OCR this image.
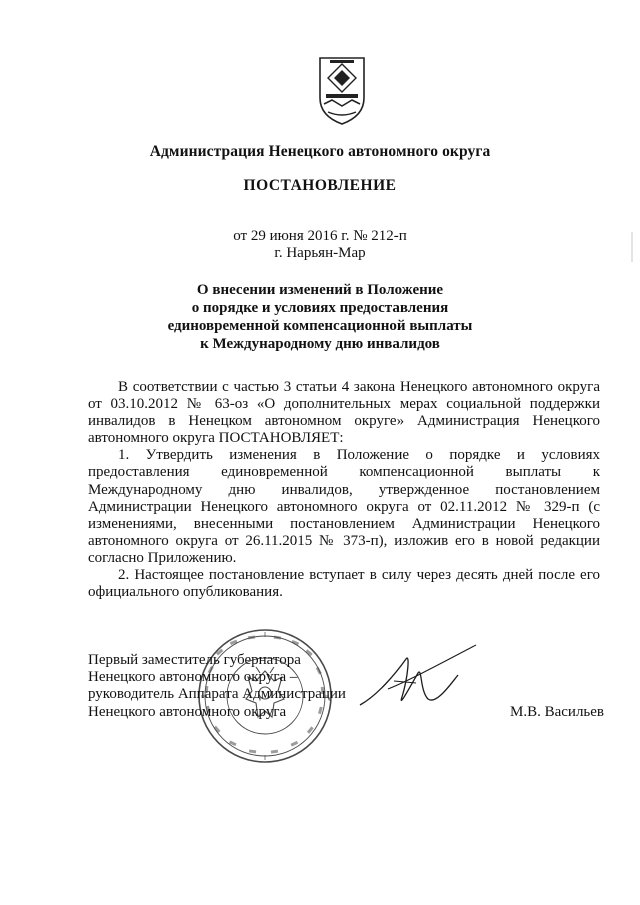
Администрация Ненецкого автономного округа
ПОСТАНОВЛЕНИЕ
от 29 июня 2016 г. № 212-п
г. Нарьян-Мар
О внесении изменений в Положение
о порядке и условиях предоставления
единовременной компенсационной выплаты
к Международному дню инвалидов

В соответствии с частью 3 статьи 4 закона Ненецкого автономного округа от 03.10.2012 № 63-оз «О дополнительных мерах социальной поддержки инвалидов в Ненецком автономном округе» Администрация Ненецкого автономного округа ПОСТАНОВЛЯЕТ:

1. Утвердить изменения в Положение о порядке и условиях предоставления единовременной компенсационной выплаты к Международному дню инвалидов, утвержденное постановлением Администрации Ненецкого автономного округа от 02.11.2012 № 329-п (с изменениями, внесенными постановлением Администрации Ненецкого автономного округа от 26.11.2015 № 373-п), изложив его в новой редакции согласно Приложению.

2. Настоящее постановление вступает в силу через десять дней после его официального опубликования.

Первый заместитель губернатора
Ненецкого автономного округа –
руководитель Аппарата Администрации
Ненецкого автономного округа	М.В. Васильев
